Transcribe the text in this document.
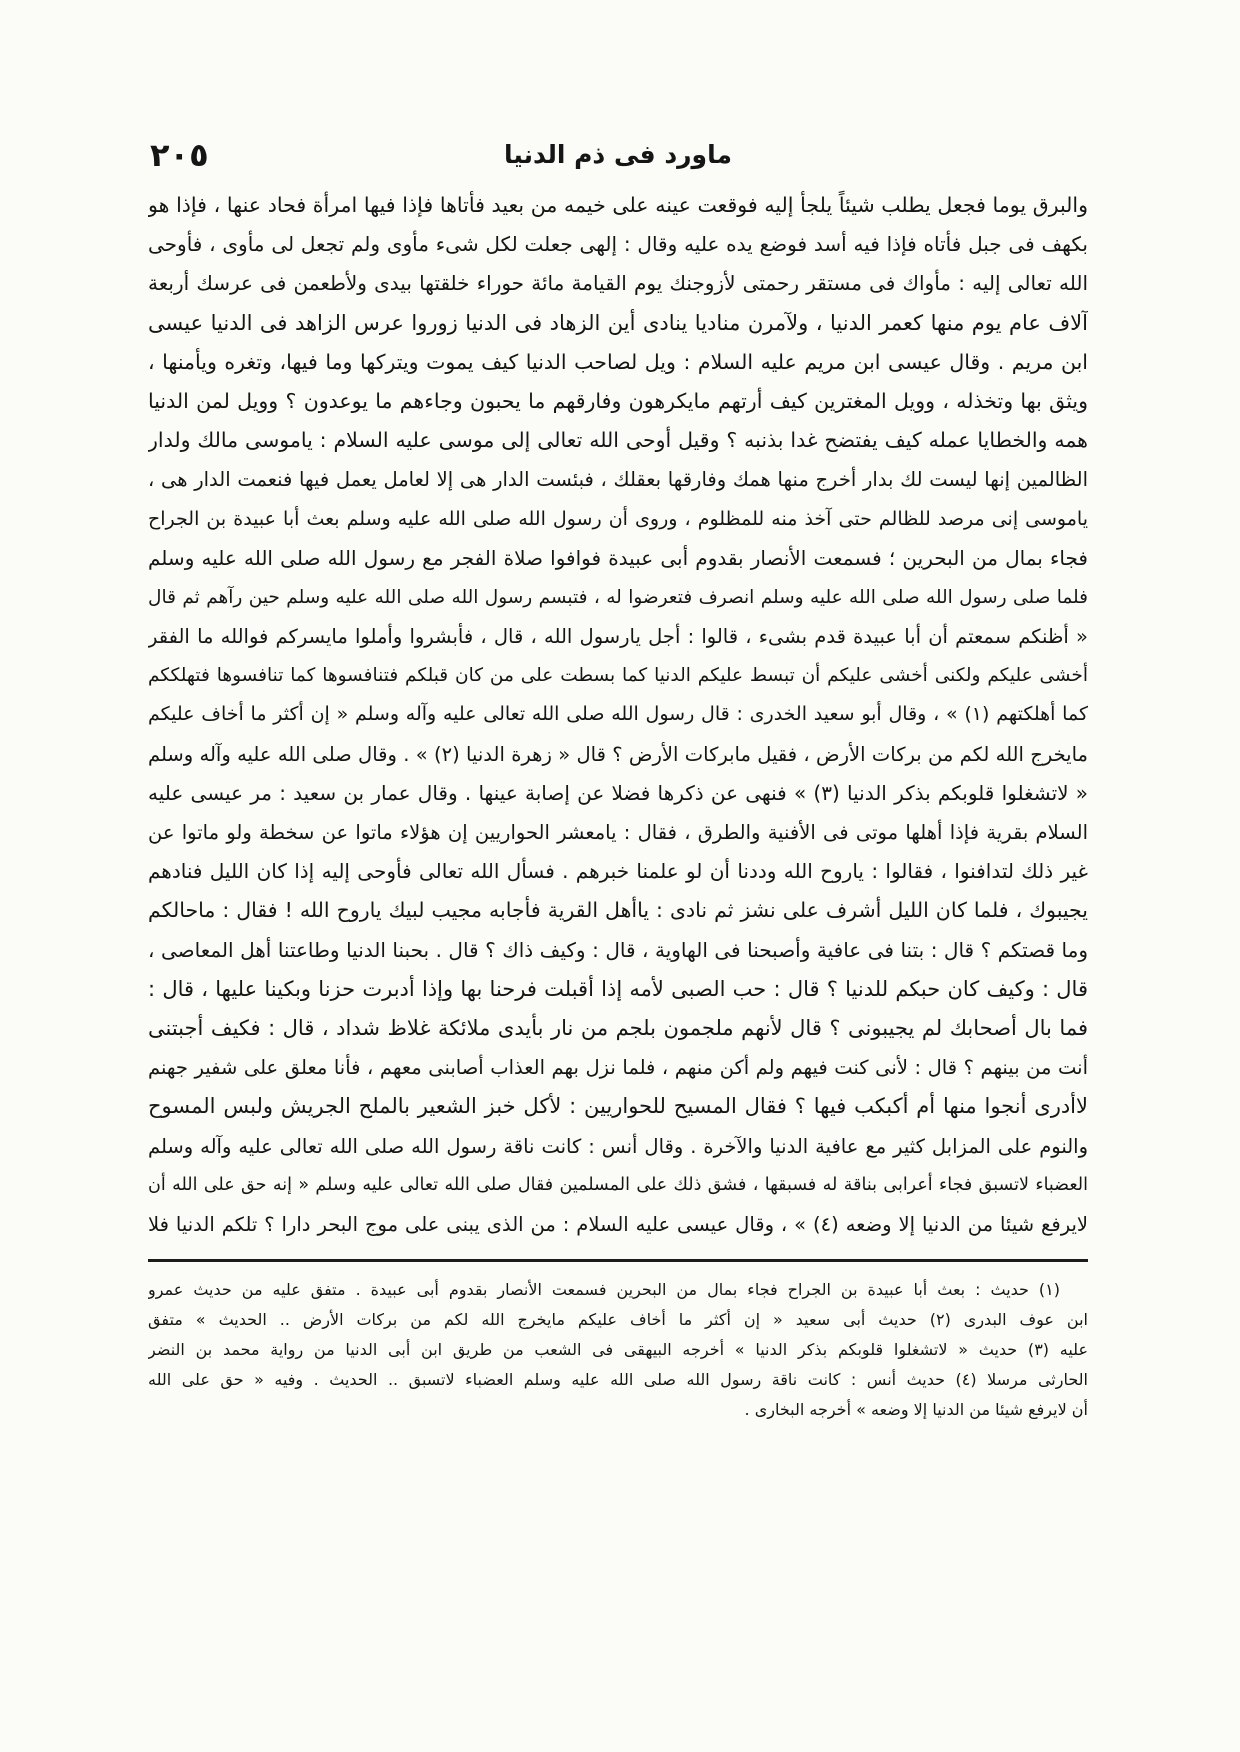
ماورد فى ذم الدنيا
٢٠٥
والبرق يوما فجعل يطلب شيئاً يلجأ إليه فوقعت عينه على خيمه من بعيد فأتاها فإذا فيها امرأة فحاد عنها ، فإذا هو
بكهف فى جبل فأتاه فإذا فيه أسد فوضع يده عليه وقال : إلهى جعلت لكل شىء مأوى ولم تجعل لى مأوى ، فأوحى
الله تعالى إليه : مأواك فى مستقر رحمتى لأزوجنك يوم القيامة مائة حوراء خلقتها بيدى ولأطعمن فى عرسك أربعة
آلاف عام يوم منها كعمر الدنيا ، ولآمرن مناديا ينادى أين الزهاد فى الدنيا زوروا عرس الزاهد فى الدنيا عيسى
ابن مريم . وقال عيسى ابن مريم عليه السلام : ويل لصاحب الدنيا كيف يموت ويتركها وما فيها، وتغره ويأمنها ،
ويثق بها وتخذله ، وويل المغترين كيف أرتهم مايكرهون وفارقهم ما يحبون وجاءهم ما يوعدون ؟ وويل لمن الدنيا
همه والخطايا عمله كيف يفتضح غدا بذنبه ؟ وقيل أوحى الله تعالى إلى موسى عليه السلام : ياموسى مالك ولدار
الظالمين إنها ليست لك بدار أخرج منها همك وفارقها بعقلك ، فبئست الدار هى إلا لعامل يعمل فيها فنعمت الدار هى ،
ياموسى إنى مرصد للظالم حتى آخذ منه للمظلوم ، وروى أن رسول الله صلى الله عليه وسلم بعث أبا عبيدة بن الجراح
فجاء بمال من البحرين ؛ فسمعت الأنصار بقدوم أبى عبيدة فوافوا صلاة الفجر مع رسول الله صلى الله عليه وسلم
فلما صلى رسول الله صلى الله عليه وسلم انصرف فتعرضوا له ، فتبسم رسول الله صلى الله عليه وسلم حين رآهم ثم قال
« أظنكم سمعتم أن أبا عبيدة قدم بشىء ، قالوا : أجل يارسول الله ، قال ، فأبشروا وأملوا مايسركم فوالله ما الفقر
أخشى عليكم ولكنى أخشى عليكم أن تبسط عليكم الدنيا كما بسطت على من كان قبلكم فتنافسوها كما تنافسوها فتهلككم
كما أهلكتهم (١) » ، وقال أبو سعيد الخدرى : قال رسول الله صلى الله تعالى عليه وآله وسلم « إن أكثر ما أخاف عليكم
مايخرج الله لكم من بركات الأرض ، فقيل مابركات الأرض ؟ قال « زهرة الدنيا (٢) » . وقال صلى الله عليه وآله وسلم
« لاتشغلوا قلوبكم بذكر الدنيا (٣) » فنهى عن ذكرها فضلا عن إصابة عينها . وقال عمار بن سعيد : مر عيسى عليه
السلام بقرية فإذا أهلها موتى فى الأفنية والطرق ، فقال : يامعشر الحواريين إن هؤلاء ماتوا عن سخطة ولو ماتوا عن
غير ذلك لتدافنوا ، فقالوا : ياروح الله وددنا أن لو علمنا خبرهم . فسأل الله تعالى فأوحى إليه إذا كان الليل فنادهم
يجيبوك ، فلما كان الليل أشرف على نشز ثم نادى : ياأهل القرية فأجابه مجيب لبيك ياروح الله ! فقال : ماحالكم
وما قصتكم ؟ قال : بتنا فى عافية وأصبحنا فى الهاوية ، قال : وكيف ذاك ؟ قال . بحبنا الدنيا وطاعتنا أهل المعاصى ،
قال : وكيف كان حبكم للدنيا ؟ قال : حب الصبى لأمه إذا أقبلت فرحنا بها وإذا أدبرت حزنا وبكينا عليها ، قال :
فما بال أصحابك لم يجيبونى ؟ قال لأنهم ملجمون بلجم من نار بأيدى ملائكة غلاظ شداد ، قال : فكيف أجبتنى
أنت من بينهم ؟ قال : لأنى كنت فيهم ولم أكن منهم ، فلما نزل بهم العذاب أصابنى معهم ، فأنا معلق على شفير جهنم
لاأدرى أنجوا منها أم أكبكب فيها ؟ فقال المسيح للحواريين : لأكل خبز الشعير بالملح الجريش ولبس المسوح
والنوم على المزابل كثير مع عافية الدنيا والآخرة . وقال أنس : كانت ناقة رسول الله صلى الله تعالى عليه وآله وسلم
العضباء لاتسبق فجاء أعرابى بناقة له فسبقها ، فشق ذلك على المسلمين فقال صلى الله تعالى عليه وسلم « إنه حق على الله أن
لايرفع شيئا من الدنيا إلا وضعه (٤) » ، وقال عيسى عليه السلام : من الذى يبنى على موج البحر دارا ؟ تلكم الدنيا فلا
(١) حديث : بعث أبا عبيدة بن الجراح فجاء بمال من البحرين فسمعت الأنصار بقدوم أبى عبيدة . متفق عليه من حديث عمرو
ابن عوف البدرى (٢) حديث أبى سعيد « إن أكثر ما أخاف عليكم مايخرج الله لكم من بركات الأرض .. الحديث » متفق
عليه (٣) حديث « لاتشغلوا قلوبكم بذكر الدنيا » أخرجه البيهقى فى الشعب من طريق ابن أبى الدنيا من رواية محمد بن النضر
الحارثى مرسلا (٤) حديث أنس : كانت ناقة رسول الله صلى الله عليه وسلم العضباء لاتسبق .. الحديث . وفيه « حق على الله
أن لايرفع شيئا من الدنيا إلا وضعه » أخرجه البخارى .
